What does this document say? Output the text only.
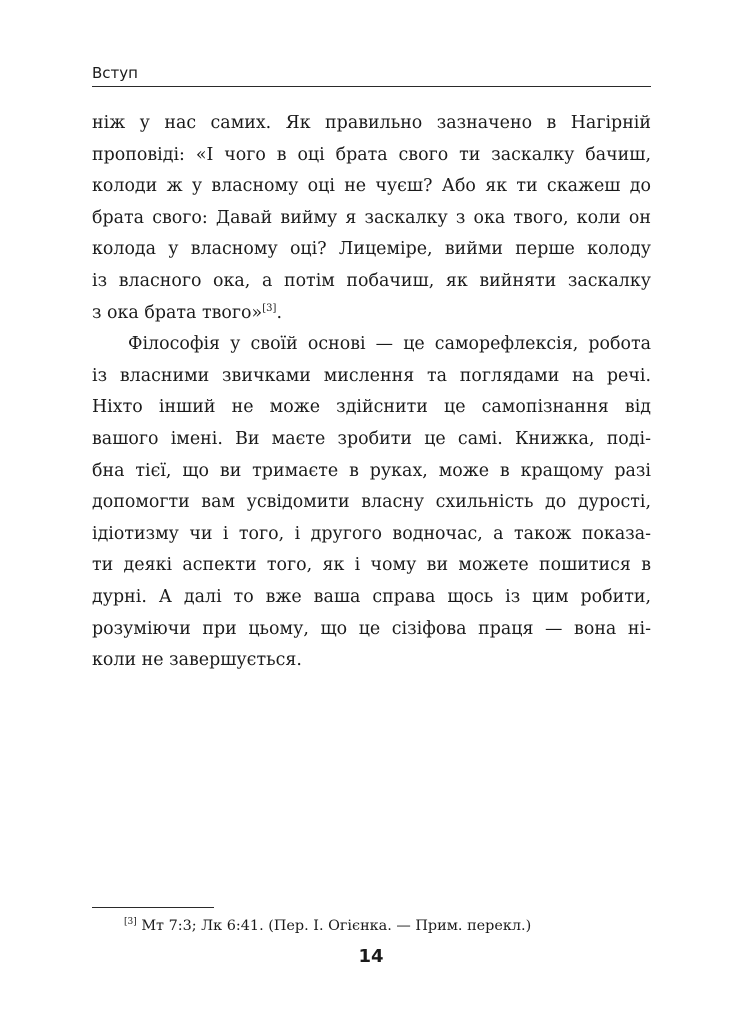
Вступ
ніж у нас самих. Як правильно зазначено в Нагірній
проповіді: «І чого в оці брата свого ти заскалку бачиш,
колоди ж у власному оці не чуєш? Або як ти скажеш до
брата свого: Давай вийму я заскалку з ока твого, коли он
колода у власному оці? Лицеміре, вийми перше колоду
із власного ока, а потім побачиш, як вийняти заскалку
з ока брата твого»[3].
Філософія у своїй основі — це саморефлексія, робота
із власними звичками мислення та поглядами на речі.
Ніхто інший не може здійснити це самопізнання від
вашого імені. Ви маєте зробити це самі. Книжка, поді-
бна тієї, що ви тримаєте в руках, може в кращому разі
допомогти вам усвідомити власну схильність до дурості,
ідіотизму чи і того, і другого водночас, а також показа-
ти деякі аспекти того, як і чому ви можете пошитися в
дурні. А далі то вже ваша справа щось із цим робити,
розуміючи при цьому, що це сізіфова праця — вона ні-
коли не завершується.
[3] Мт 7:3; Лк 6:41. (Пер. І. Огієнка. — Прим. перекл.)
14
